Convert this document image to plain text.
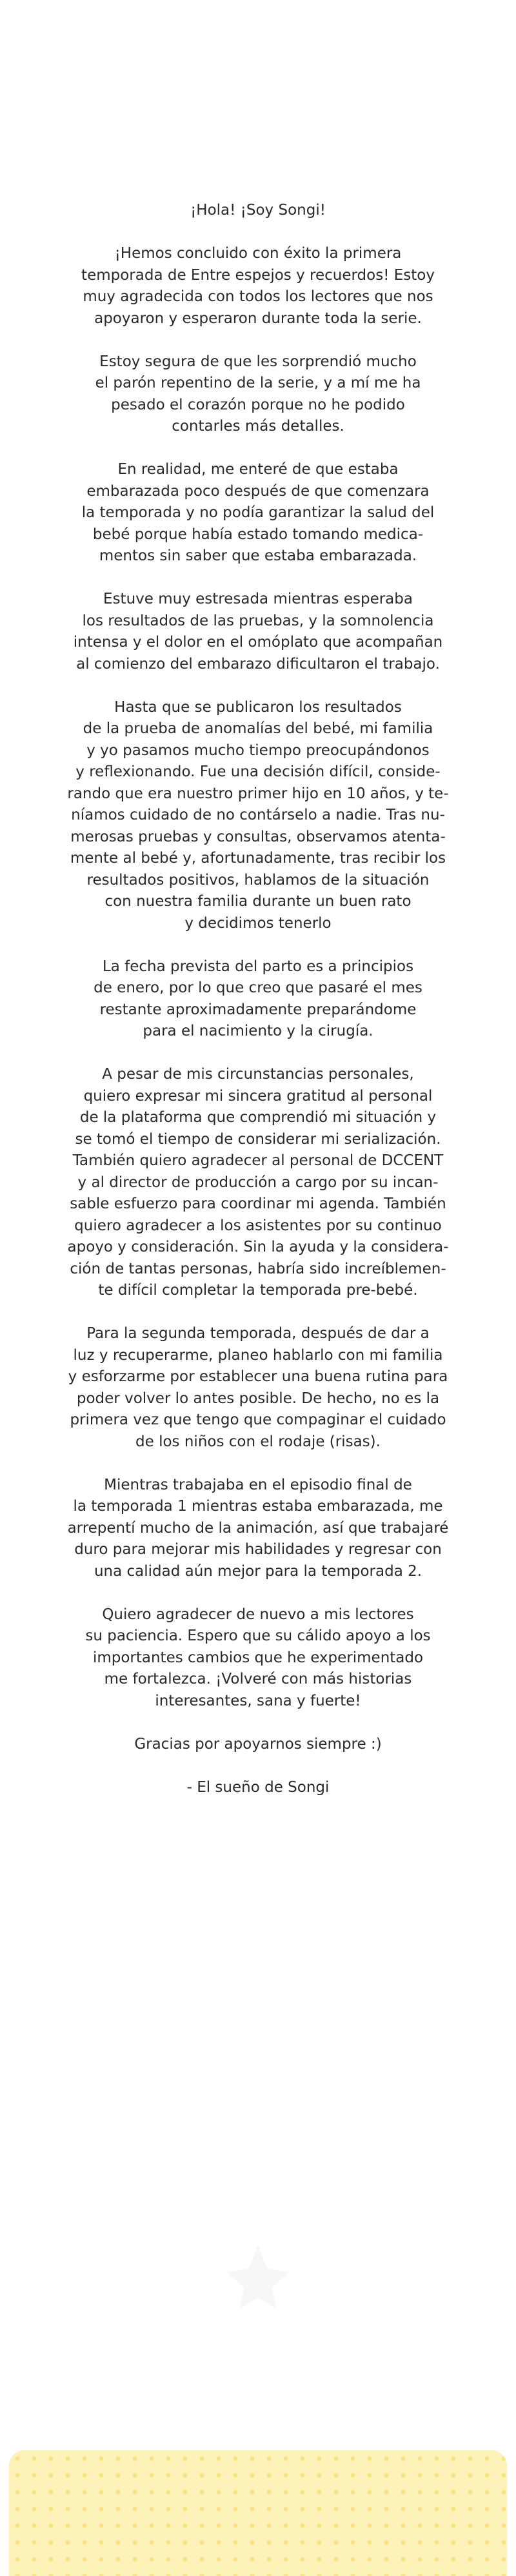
¡Hola! ¡Soy Songi!

¡Hemos concluido con éxito la primera
temporada de Entre espejos y recuerdos! Estoy
muy agradecida con todos los lectores que nos
apoyaron y esperaron durante toda la serie.

Estoy segura de que les sorprendió mucho
el parón repentino de la serie, y a mí me ha
pesado el corazón porque no he podido
contarles más detalles.

En realidad, me enteré de que estaba
embarazada poco después de que comenzara
la temporada y no podía garantizar la salud del
bebé porque había estado tomando medica-
mentos sin saber que estaba embarazada.

Estuve muy estresada mientras esperaba
los resultados de las pruebas, y la somnolencia
intensa y el dolor en el omóplato que acompañan
al comienzo del embarazo dificultaron el trabajo.

Hasta que se publicaron los resultados
de la prueba de anomalías del bebé, mi familia
y yo pasamos mucho tiempo preocupándonos
y reflexionando. Fue una decisión difícil, conside-
rando que era nuestro primer hijo en 10 años, y te-
níamos cuidado de no contárselo a nadie. Tras nu-
merosas pruebas y consultas, observamos atenta-
mente al bebé y, afortunadamente, tras recibir los
resultados positivos, hablamos de la situación
con nuestra familia durante un buen rato
y decidimos tenerlo

La fecha prevista del parto es a principios
de enero, por lo que creo que pasaré el mes
restante aproximadamente preparándome
para el nacimiento y la cirugía.

A pesar de mis circunstancias personales,
quiero expresar mi sincera gratitud al personal
de la plataforma que comprendió mi situación y
se tomó el tiempo de considerar mi serialización.
También quiero agradecer al personal de DCCENT
y al director de producción a cargo por su incan-
sable esfuerzo para coordinar mi agenda. También
quiero agradecer a los asistentes por su continuo
apoyo y consideración. Sin la ayuda y la considera-
ción de tantas personas, habría sido increíblemen-
te difícil completar la temporada pre-bebé.

Para la segunda temporada, después de dar a
luz y recuperarme, planeo hablarlo con mi familia
y esforzarme por establecer una buena rutina para
poder volver lo antes posible. De hecho, no es la
primera vez que tengo que compaginar el cuidado
de los niños con el rodaje (risas).

Mientras trabajaba en el episodio final de
la temporada 1 mientras estaba embarazada, me
arrepentí mucho de la animación, así que trabajaré
duro para mejorar mis habilidades y regresar con
una calidad aún mejor para la temporada 2.

Quiero agradecer de nuevo a mis lectores
su paciencia. Espero que su cálido apoyo a los
importantes cambios que he experimentado
me fortalezca. ¡Volveré con más historias
interesantes, sana y fuerte!

Gracias por apoyarnos siempre :)

- El sueño de Songi
